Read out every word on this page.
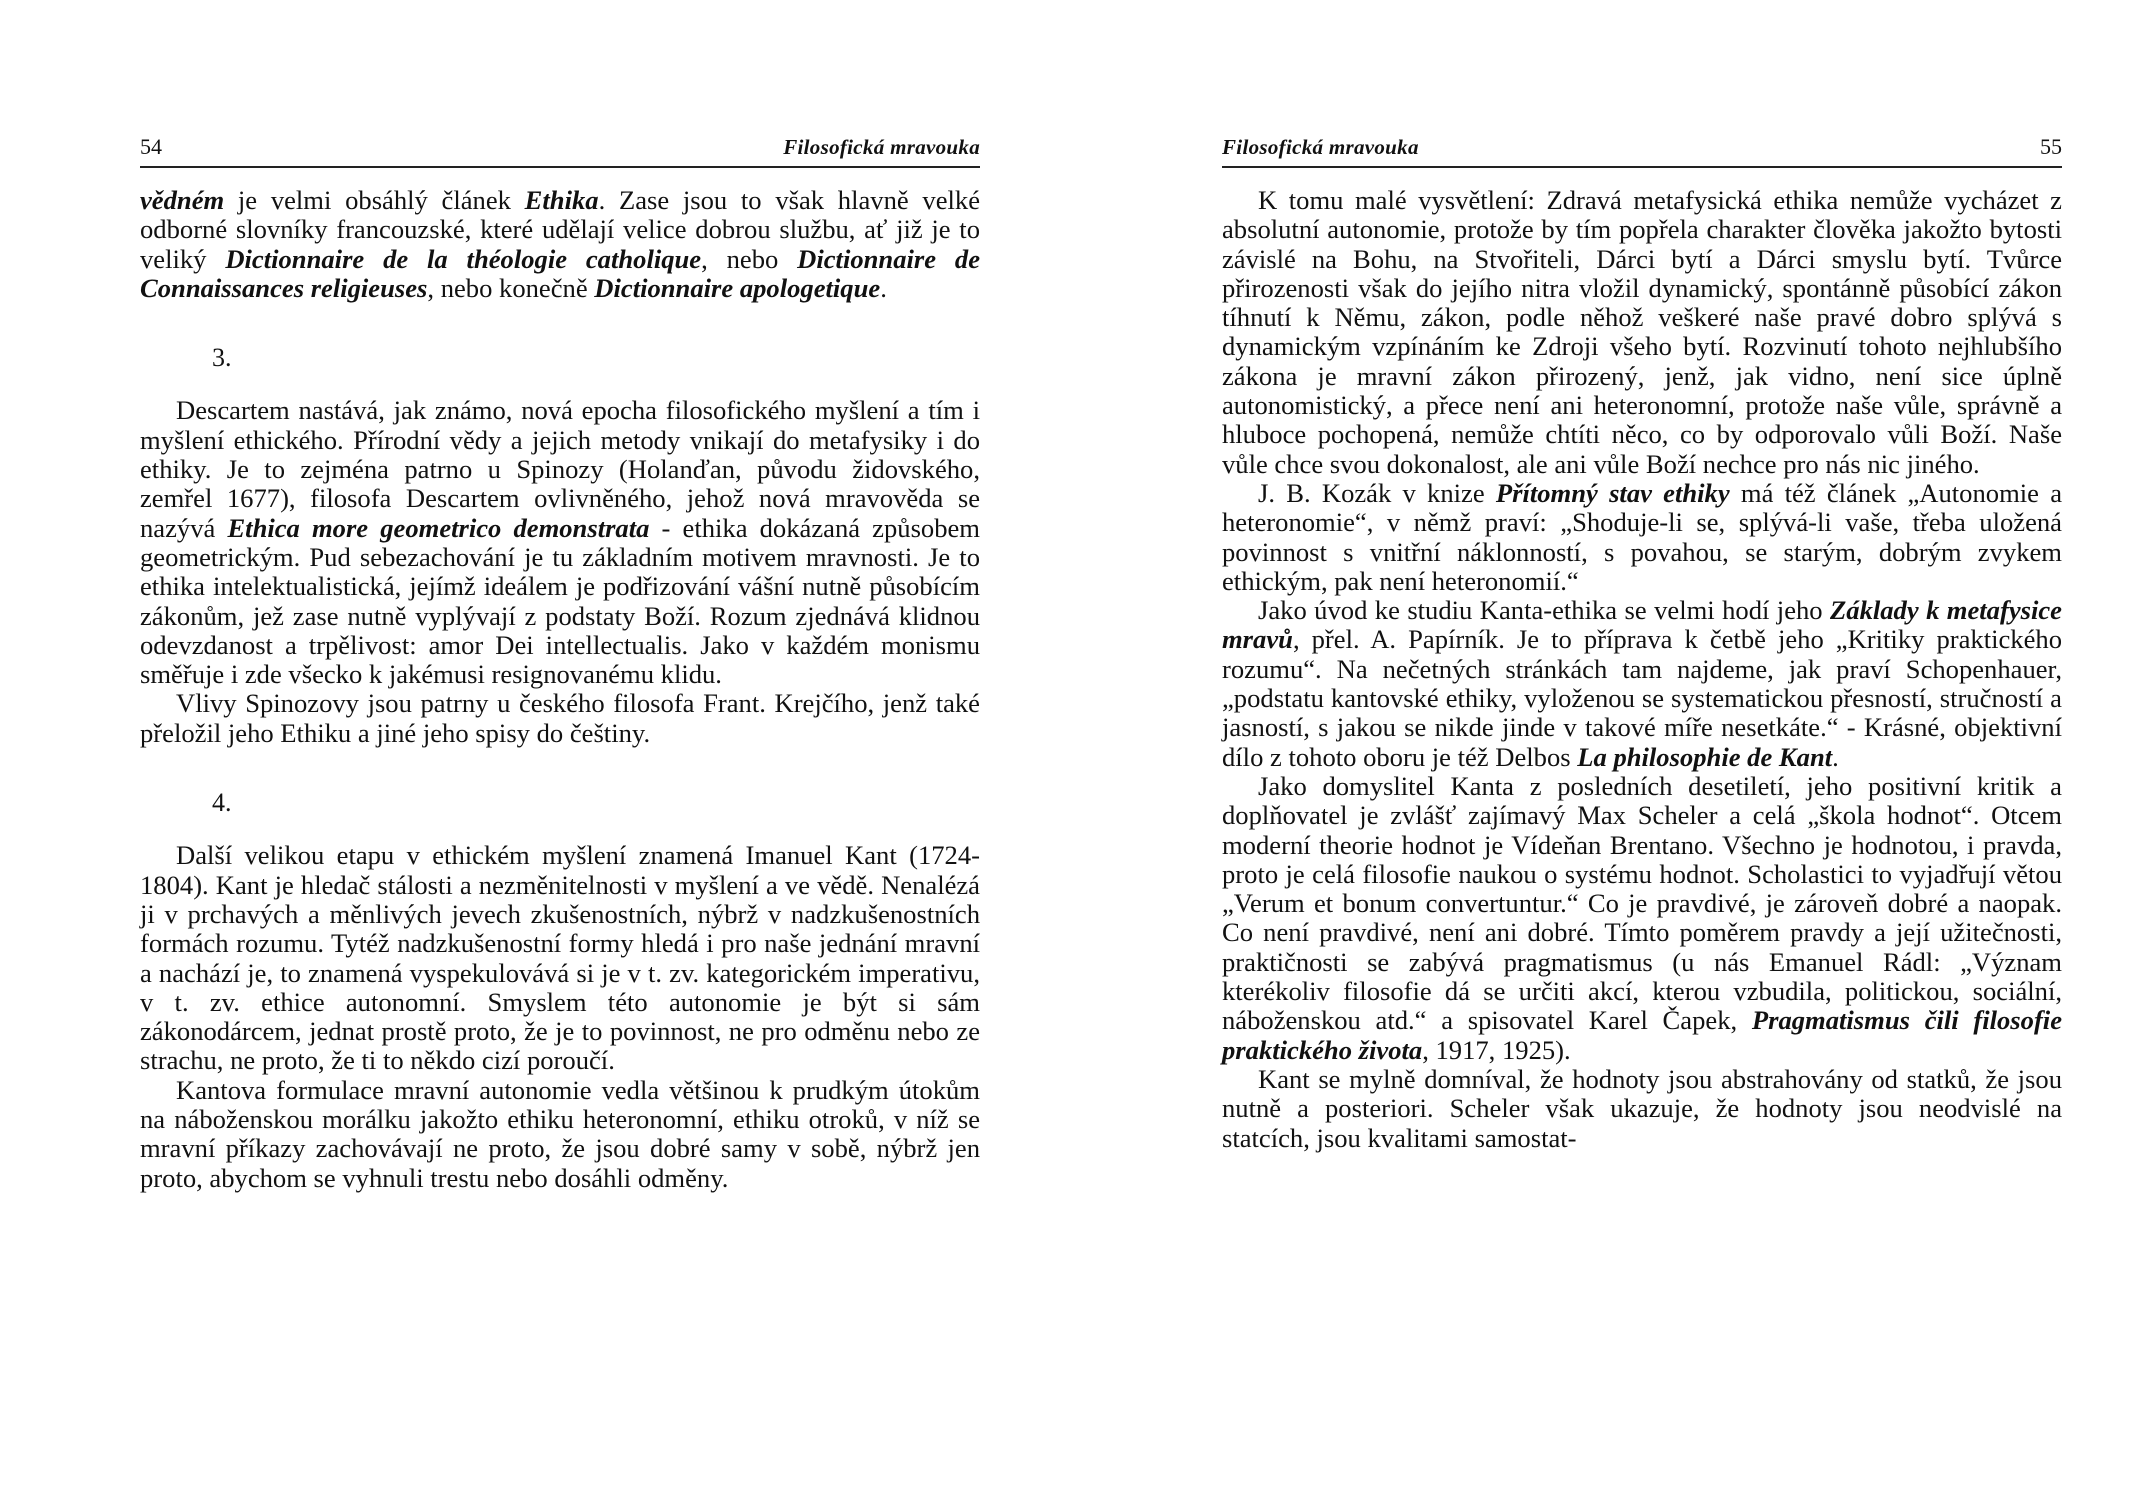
54	Filosofická mravouka

vědném je velmi obsáhlý článek Ethika. Zase jsou to však hlavně velké odborné slovníky francouzské, které udělají velice dobrou službu, ať již je to veliký Dictionnaire de la théologie catholique, nebo Dictionnaire de Connaissances religieuses, nebo konečně Dictionnaire apologetique.

3.

Descartem nastává, jak známo, nová epocha filosofického myšlení a tím i myšlení ethického. Přírodní vědy a jejich metody vnikají do metafysiky i do ethiky. Je to zejména patrno u Spinozy (Holanďan, původu židovského, zemřel 1677), filosofa Descartem ovlivněného, jehož nová mravověda se nazývá Ethica more geometrico demonstrata - ethika dokázaná způsobem geometrickým. Pud sebezachování je tu základním motivem mravnosti. Je to ethika intelektualistická, jejímž ideálem je podřizování vášní nutně působícím zákonům, jež zase nutně vyplývají z podstaty Boží. Rozum zjednává klidnou odevzdanost a trpělivost: amor Dei intellectualis. Jako v každém monismu směřuje i zde všecko k jakémusi resignovanému klidu.

Vlivy Spinozovy jsou patrny u českého filosofa Frant. Krejčího, jenž také přeložil jeho Ethiku a jiné jeho spisy do češtiny.

4.

Další velikou etapu v ethickém myšlení znamená Imanuel Kant (1724-1804). Kant je hledač stálosti a nezměnitelnosti v myšlení a ve vědě. Nenalézá ji v prchavých a měnlivých jevech zkušenostních, nýbrž v nadzkušenostních formách rozumu. Tytéž nadzkušenostní formy hledá i pro naše jednání mravní a nachází je, to znamená vyspekulovává si je v t. zv. kategorickém imperativu, v t. zv. ethice autonomní. Smyslem této autonomie je být si sám zákonodárcem, jednat prostě proto, že je to povinnost, ne pro odměnu nebo ze strachu, ne proto, že ti to někdo cizí poroučí.

Kantova formulace mravní autonomie vedla většinou k prudkým útokům na náboženskou morálku jakožto ethiku heteronomní, ethiku otroků, v níž se mravní příkazy zachovávají ne proto, že jsou dobré samy v sobě, nýbrž jen proto, abychom se vyhnuli trestu nebo dosáhli odměny.

Filosofická mravouka	55

K tomu malé vysvětlení: Zdravá metafysická ethika nemůže vycházet z absolutní autonomie, protože by tím popřela charakter člověka jakožto bytosti závislé na Bohu, na Stvořiteli, Dárci bytí a Dárci smyslu bytí. Tvůrce přirozenosti však do jejího nitra vložil dynamický, spontánně působící zákon tíhnutí k Němu, zákon, podle něhož veškeré naše pravé dobro splývá s dynamickým vzpínáním ke Zdroji všeho bytí. Rozvinutí tohoto nejhlubšího zákona je mravní zákon přirozený, jenž, jak vidno, není sice úplně autonomistický, a přece není ani heteronomní, protože naše vůle, správně a hluboce pochopená, nemůže chtíti něco, co by odporovalo vůli Boží. Naše vůle chce svou dokonalost, ale ani vůle Boží nechce pro nás nic jiného.

J. B. Kozák v knize Přítomný stav ethiky má též článek „Autonomie a heteronomie“, v němž praví: „Shoduje-li se, splývá-li vaše, třeba uložená povinnost s vnitřní náklonností, s povahou, se starým, dobrým zvykem ethickým, pak není heteronomií.“

Jako úvod ke studiu Kanta-ethika se velmi hodí jeho Základy k metafysice mravů, přel. A. Papírník. Je to příprava k četbě jeho „Kritiky praktického rozumu“. Na nečetných stránkách tam najdeme, jak praví Schopenhauer, „podstatu kantovské ethiky, vyloženou se systematickou přesností, stručností a jasností, s jakou se nikde jinde v takové míře nesetkáte.“ - Krásné, objektivní dílo z tohoto oboru je též Delbos La philosophie de Kant.

Jako domyslitel Kanta z posledních desetiletí, jeho positivní kritik a doplňovatel je zvlášť zajímavý Max Scheler a celá „škola hodnot“. Otcem moderní theorie hodnot je Vídeňan Brentano. Všechno je hodnotou, i pravda, proto je celá filosofie naukou o systému hodnot. Scholastici to vyjadřují větou „Verum et bonum convertuntur.“ Co je pravdivé, je zároveň dobré a naopak. Co není pravdivé, není ani dobré. Tímto poměrem pravdy a její užitečnosti, praktičnosti se zabývá pragmatismus (u nás Emanuel Rádl: „Význam kterékoliv filosofie dá se určiti akcí, kterou vzbudila, politickou, sociální, náboženskou atd.“ a spisovatel Karel Čapek, Pragmatismus čili filosofie praktického života, 1917, 1925).

Kant se mylně domníval, že hodnoty jsou abstrahovány od statků, že jsou nutně a posteriori. Scheler však ukazuje, že hodnoty jsou neodvislé na statcích, jsou kvalitami samostat-
